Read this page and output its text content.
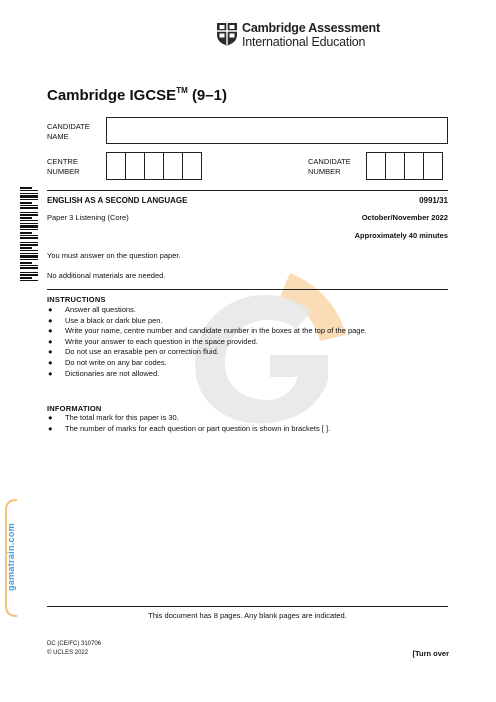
Cambridge Assessment
International Education
Cambridge IGCSE™ (9–1)
CANDIDATE NAME
CENTRE NUMBER
CANDIDATE NUMBER
ENGLISH AS A SECOND LANGUAGE	0991/31
Paper 3 Listening (Core)	October/November 2022
Approximately 40 minutes
You must answer on the question paper.
No additional materials are needed.
INSTRUCTIONS
● Answer all questions.
● Use a black or dark blue pen.
● Write your name, centre number and candidate number in the boxes at the top of the page.
● Write your answer to each question in the space provided.
● Do not use an erasable pen or correction fluid.
● Do not write on any bar codes.
● Dictionaries are not allowed.
INFORMATION
● The total mark for this paper is 30.
● The number of marks for each question or part question is shown in brackets [ ].
gamatrain.com
This document has 8 pages. Any blank pages are indicated.
DC (CE/FC) 310706
© UCLES 2022	[Turn over
